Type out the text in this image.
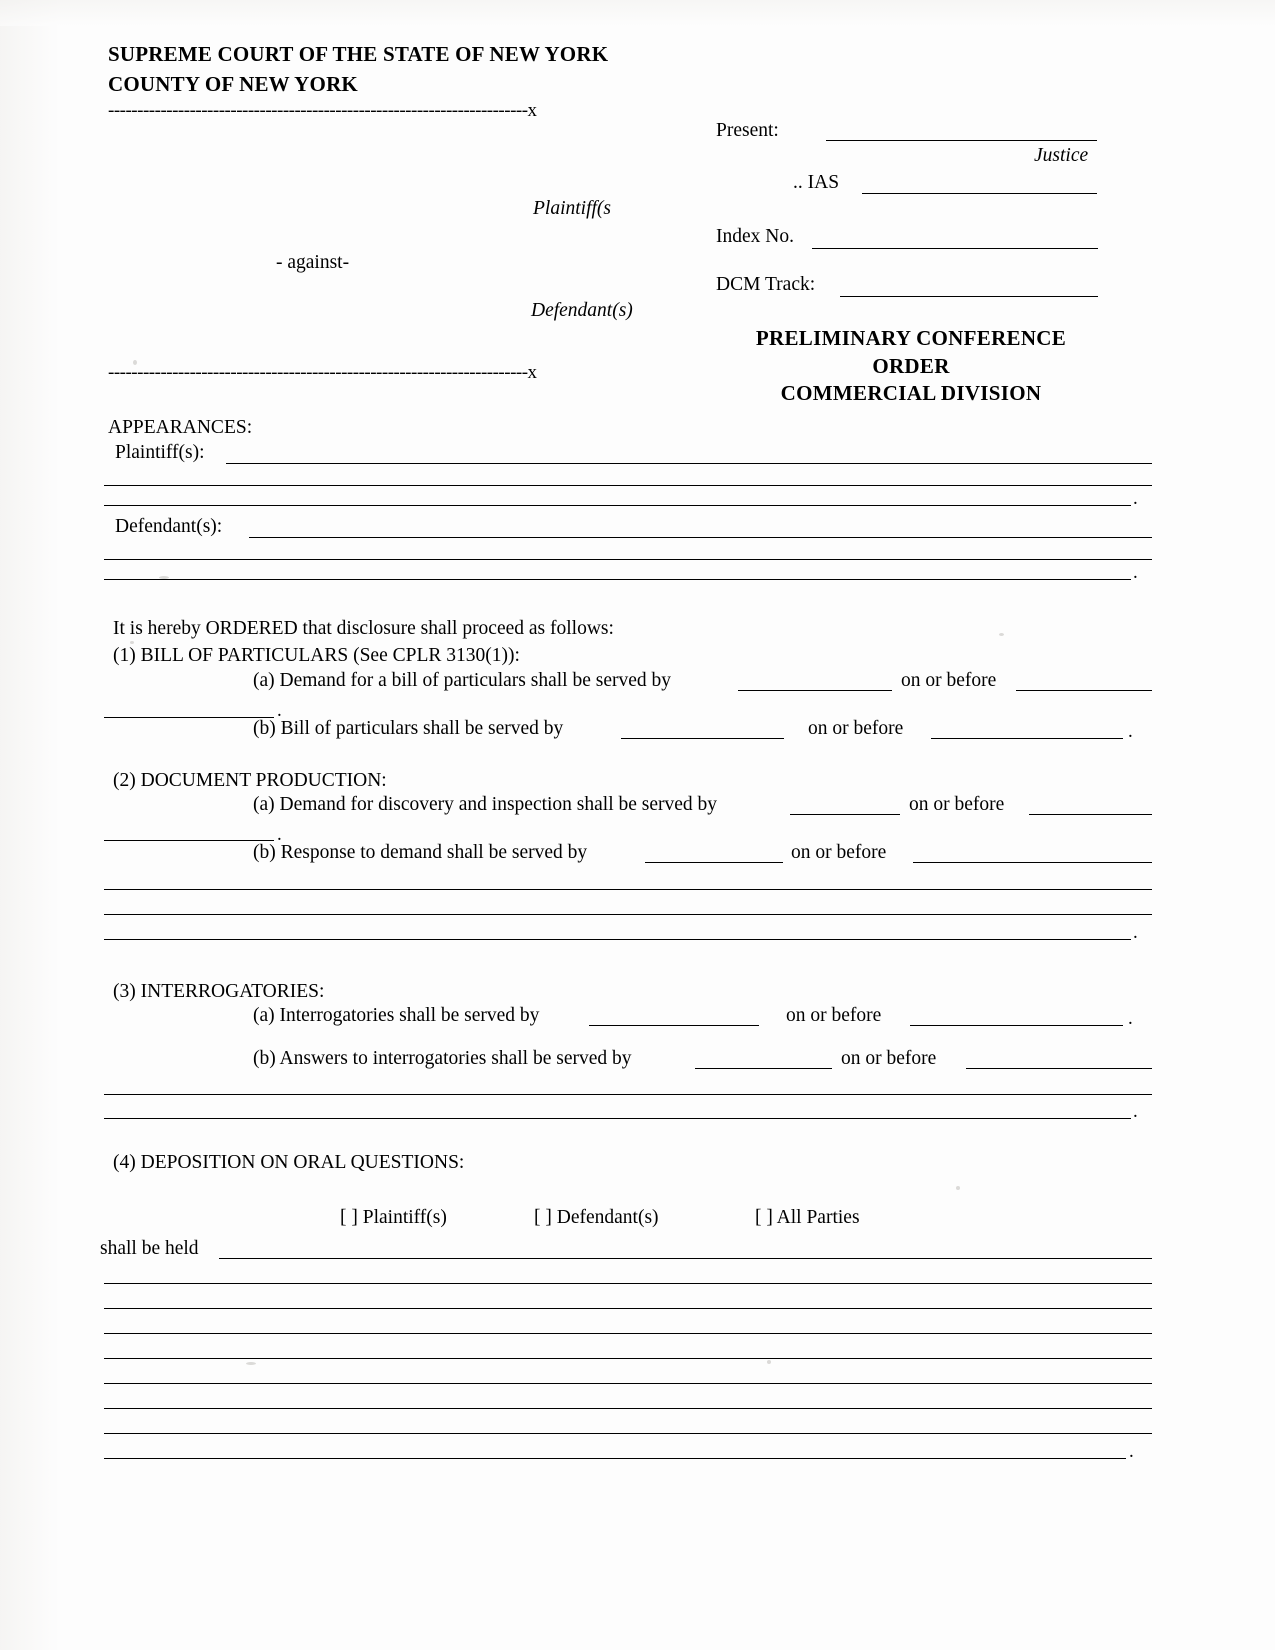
SUPREME COURT OF THE STATE OF NEW YORK
COUNTY OF NEW YORK
------------------------------------------------------------------------x
Plaintiff(s
- against-
Defendant(s)
------------------------------------------------------------------------x
Present:
Justice
.. IAS
Index No.
DCM Track:
PRELIMINARY CONFERENCE
ORDER
COMMERCIAL DIVISION
APPEARANCES:
Plaintiff(s):
.
Defendant(s):
.
It is hereby ORDERED that disclosure shall proceed as follows:
(1) BILL OF PARTICULARS (See CPLR 3130(1)):
(a) Demand for a bill of particulars shall be served by	on or before
.
(b) Bill of particulars shall be served by	on or before	.
(2) DOCUMENT PRODUCTION:
(a) Demand for discovery and inspection shall be served by	on or before
.
(b) Response to demand shall be served by	on or before
.
(3) INTERROGATORIES:
(a) Interrogatories shall be served by	on or before	.
(b) Answers to interrogatories shall be served by	on or before
.
(4) DEPOSITION ON ORAL QUESTIONS:
[ ] Plaintiff(s)	[ ] Defendant(s)	[ ] All Parties
shall be held
.
